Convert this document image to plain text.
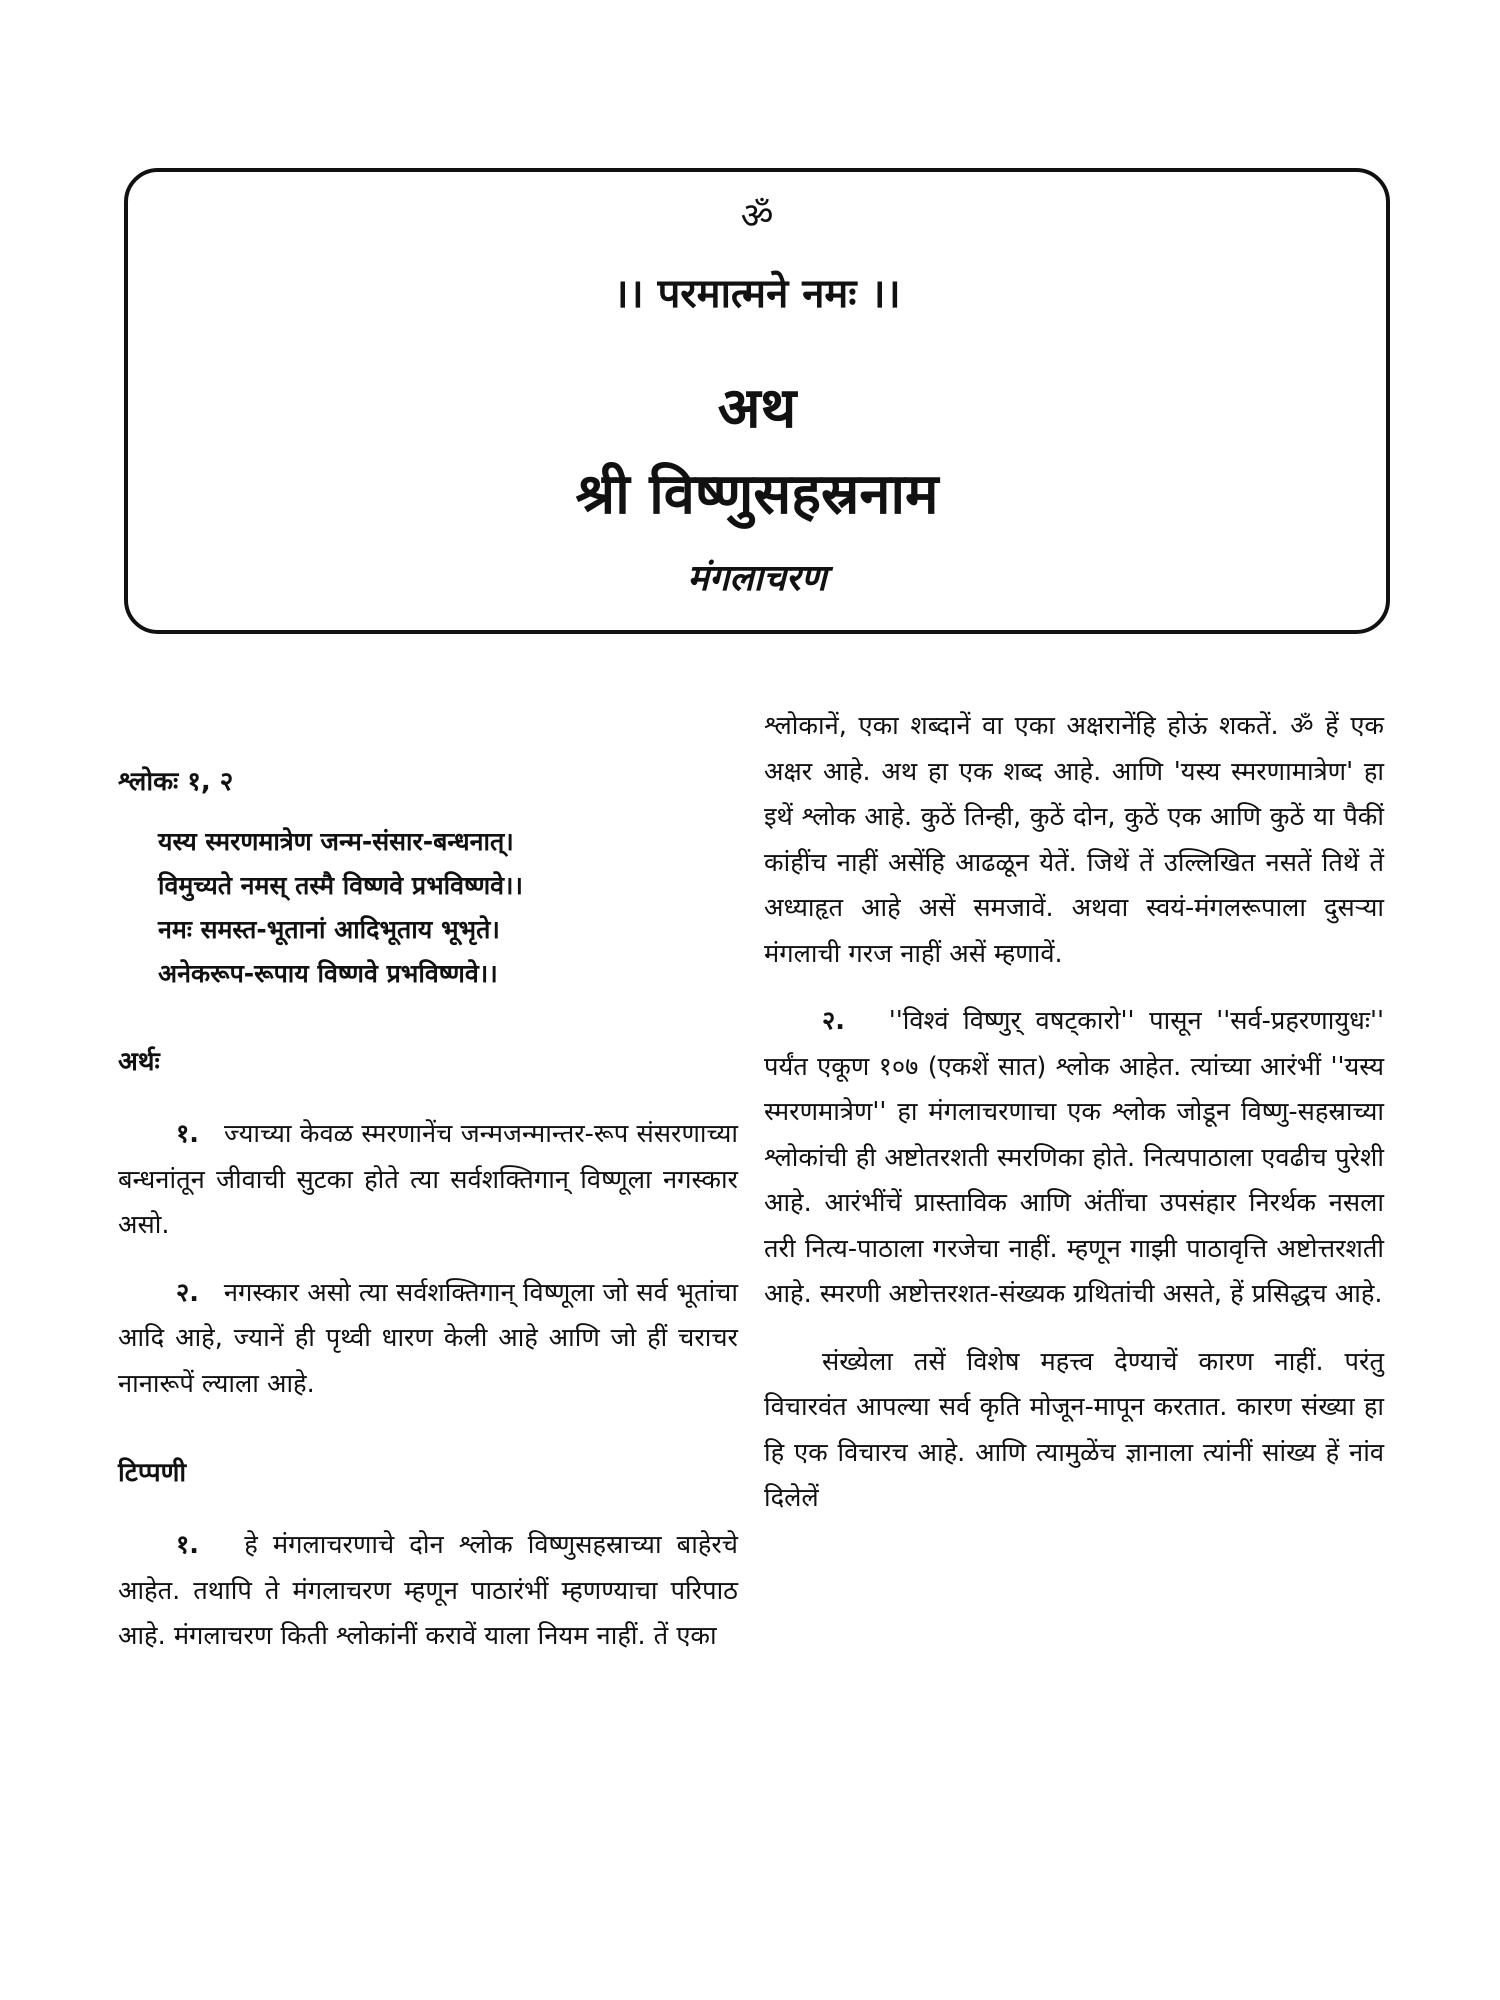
ॐ
।। परमात्मने नमः ।।
अथ
श्री विष्णुसहस्रनाम
मंगलाचरण

श्लोकः १, २

यस्य स्मरणमात्रेण जन्म-संसार-बन्धनात्।
विमुच्यते नमस् तस्मै विष्णवे प्रभविष्णवे।।
नमः समस्त-भूतानां आदिभूताय भूभृते।
अनेकरूप-रूपाय विष्णवे प्रभविष्णवे।।

अर्थः

१. ज्याच्या केवळ स्मरणानेंच जन्मजन्मान्तर-रूप संसरणाच्या बन्धनांतून जीवाची सुटका होते त्या सर्वशक्तिगान् विष्णूला नगस्कार असो.

२. नगस्कार असो त्या सर्वशक्तिगान् विष्णूला जो सर्व भूतांचा आदि आहे, ज्यानें ही पृथ्वी धारण केली आहे आणि जो हीं चराचर नानारूपें ल्याला आहे.

टिप्पणी

१. हे मंगलाचरणाचे दोन श्लोक विष्णुसहस्राच्या बाहेरचे आहेत. तथापि ते मंगलाचरण म्हणून पाठारंभीं म्हणण्याचा परिपाठ आहे. मंगलाचरण किती श्लोकांनीं करावें याला नियम नाहीं. तें एका

श्लोकानें, एका शब्दानें वा एका अक्षरानेंहि होऊं शकतें. ॐ हें एक अक्षर आहे. अथ हा एक शब्द आहे. आणि 'यस्य स्मरणामात्रेण' हा इथें श्लोक आहे. कुठें तिन्ही, कुठें दोन, कुठें एक आणि कुठें या पैकीं कांहींच नाहीं असेंहि आढळून येतें. जिथें तें उल्लिखित नसतें तिथें तें अध्याहृत आहे असें समजावें. अथवा स्वयं-मंगलरूपाला दुसऱ्या मंगलाची गरज नाहीं असें म्हणावें.

२. ''विश्वं विष्णुर् वषट्कारो'' पासून ''सर्व-प्रहरणायुधः'' पर्यंत एकूण १०७ (एकशें सात) श्लोक आहेत. त्यांच्या आरंभीं ''यस्य स्मरणमात्रेण'' हा मंगलाचरणाचा एक श्लोक जोडून विष्णु-सहस्राच्या श्लोकांची ही अष्टोतरशती स्मरणिका होते. नित्यपाठाला एवढीच पुरेशी आहे. आरंभींचें प्रास्ताविक आणि अंतींचा उपसंहार निरर्थक नसला तरी नित्य-पाठाला गरजेचा नाहीं. म्हणून गाझी पाठावृत्ति अष्टोत्तरशती आहे. स्मरणी अष्टोत्तरशत-संख्यक ग्रथितांची असते, हें प्रसिद्धच आहे.

संख्येला तसें विशेष महत्त्व देण्याचें कारण नाहीं. परंतु विचारवंत आपल्या सर्व कृति मोजून-मापून करतात. कारण संख्या हा हि एक विचारच आहे. आणि त्यामुळेंच ज्ञानाला त्यांनीं सांख्य हें नांव दिलेलें
